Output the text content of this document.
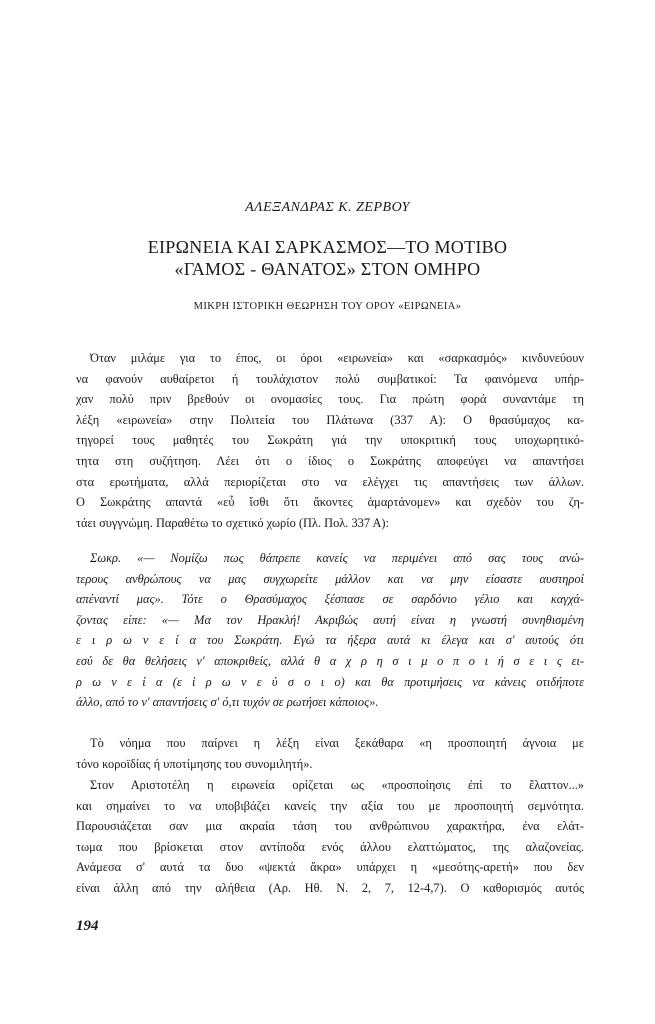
ΑΛΕΞΑΝΔΡΑΣ Κ. ΖΕΡΒΟΥ
ΕΙΡΩΝΕΙΑ ΚΑΙ ΣΑΡΚΑΣΜΟΣ—ΤΟ ΜΟΤΙΒΟ
«ΓΑΜΟΣ - ΘΑΝΑΤΟΣ» ΣΤΟΝ ΟΜΗΡΟ
ΜΙΚΡΗ ΙΣΤΟΡΙΚΗ ΘΕΩΡΗΣΗ ΤΟΥ ΟΡΟΥ «ΕΙΡΩΝΕΙΑ»
Όταν μιλάμε για το έπος, οι όροι «ειρωνεία» και «σαρκασμός» κινδυνεύουν
να φανούν αυθαίρετοι ή τουλάχιστον πολύ συμβατικοί: Τα φαινόμενα υπήρ-
χαν πολύ πριν βρεθούν οι ονομασίες τους. Για πρώτη φορά συναντάμε τη
λέξη «ειρωνεία» στην Πολιτεία του Πλάτωνα (337 Α): Ο θρασύμαχος κα-
τηγορεί τους μαθητές του Σωκράτη γιά την υποκριτική τους υποχωρητικό-
τητα στη συζήτηση. Λέει ότι ο ίδιος ο Σωκράτης αποφεύγει να απαντήσει
στα ερωτήματα, αλλά περιορίζεται στο να ελέγχει τις απαντήσεις των άλλων.
Ο Σωκράτης απαντά «εὖ ἴσθι ὅτι ἄκοντες ἁμαρτάνομεν» και σχεδὸν του ζη-
τάει συγγνώμη. Παραθέτω το σχετικό χωρίο (Πλ. Πολ. 337 Α):
Σωκρ. «— Νομίζω πως θάπρεπε κανείς να περιμένει από σας τους ανώ-
τερους ανθρώπους να μας συγχωρείτε μάλλον και να μην είσαστε αυστηροί
απέναντί μας». Τότε ο Θρασύμαχος ξέσπασε σε σαρδόνιο γέλιο και καγχά-
ζοντας είπε: «— Μα τον Ηρακλή! Ακριβώς αυτή είναι η γνωστή συνηθισμένη
ε ι ρ ω ν ε ί α του Σωκράτη. Εγώ τα ήξερα αυτά κι έλεγα και σ' αυτούς ότι
εσύ δε θα θελήσεις ν' αποκριθείς, αλλά θ α χ ρ η σ ι μ ο π ο ι ή σ ε ι ς ει-
ρ ω ν ε ί α (ε ἰ ρ ω ν ε ύ σ ο ι ο) και θα προτιμήσεις να κάνεις οτιδήποτε
άλλο, από το ν' απαντήσεις σ' ό,τι τυχόν σε ρωτήσει κάποιος».
Τὸ νόημα που παίρνει η λέξη είναι ξεκάθαρα «η προσποιητή άγνοια με
τόνο κοροϊδίας ή υποτίμησης του συνομιλητή».
Στον Αριστοτέλη η ειρωνεία ορίζεται ως «προσποίησις ἐπὶ το ἔλαττον...»
και σημαίνει το να υποβιβάζει κανείς την αξία του με προσποιητή σεμνότητα.
Παρουσιάζεται σαν μια ακραία τάση του ανθρώπινου χαρακτήρα, ένα ελάτ-
τωμα που βρίσκεται στον αντίποδα ενός άλλου ελαττώματος, της αλαζονείας.
Ανάμεσα σ' αυτά τα δυο «ψεκτά ἄκρα» υπάρχει η «μεσότης-αρετή» που δεν
είναι άλλη από την αλήθεια (Αρ. Ηθ. Ν. 2, 7, 12-4,7). Ο καθορισμός αυτός
194
